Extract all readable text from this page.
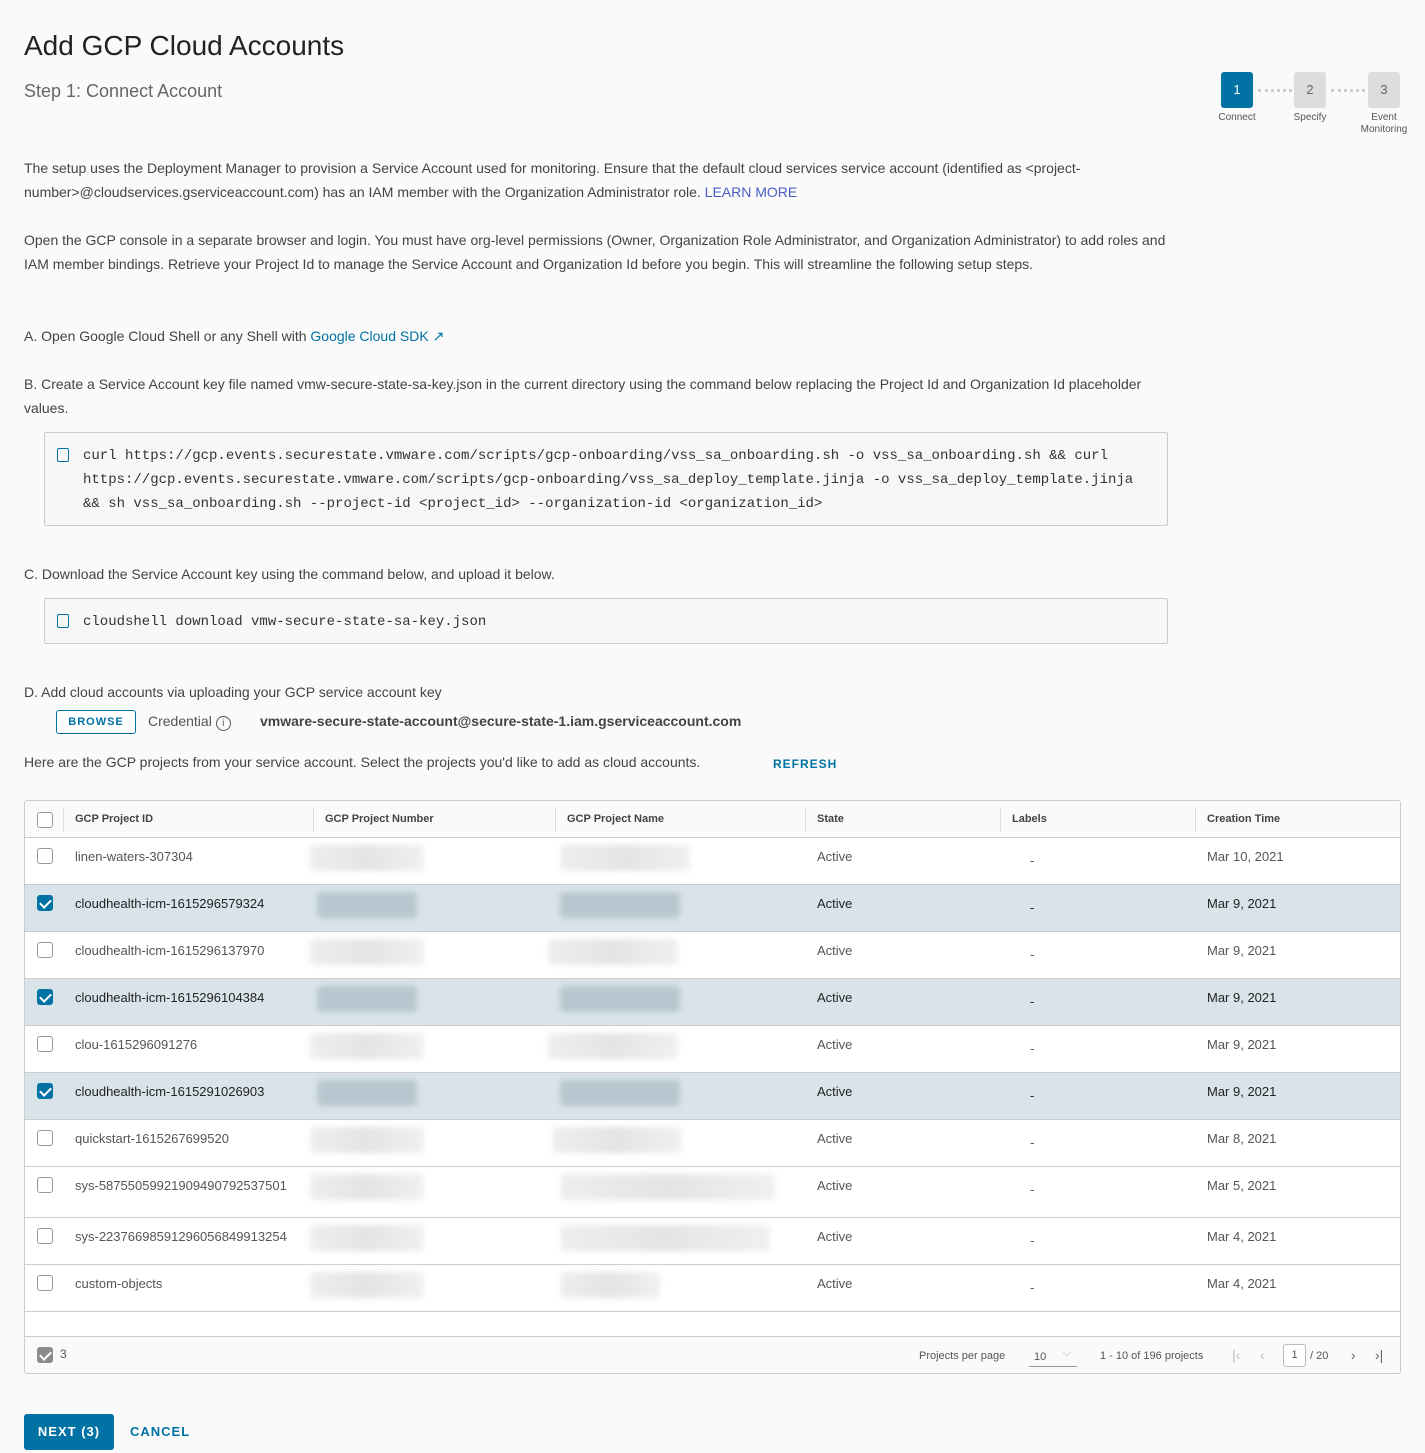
Add GCP Cloud Accounts
Step 1: Connect Account	1	2	3
Connect	Specify	Event Monitoring

The setup uses the Deployment Manager to provision a Service Account used for monitoring. Ensure that the default cloud services service account (identified as <project-number>@cloudservices.gserviceaccount.com) has an IAM member with the Organization Administrator role. LEARN MORE

Open the GCP console in a separate browser and login. You must have org-level permissions (Owner, Organization Role Administrator, and Organization Administrator) to add roles and IAM member bindings. Retrieve your Project Id to manage the Service Account and Organization Id before you begin. This will streamline the following setup steps.

A. Open Google Cloud Shell or any Shell with Google Cloud SDK ↗

B. Create a Service Account key file named vmw-secure-state-sa-key.json in the current directory using the command below replacing the Project Id and Organization Id placeholder values.

curl https://gcp.events.securestate.vmware.com/scripts/gcp-onboarding/vss_sa_onboarding.sh -o vss_sa_onboarding.sh && curl https://gcp.events.securestate.vmware.com/scripts/gcp-onboarding/vss_sa_deploy_template.jinja -o vss_sa_deploy_template.jinja && sh vss_sa_onboarding.sh --project-id <project_id> --organization-id <organization_id>

C. Download the Service Account key using the command below, and upload it below.

cloudshell download vmw-secure-state-sa-key.json

D. Add cloud accounts via uploading your GCP service account key

BROWSE	Credential i	vmware-secure-state-account@secure-state-1.iam.gserviceaccount.com
Here are the GCP projects from your service account. Select the projects you'd like to add as cloud accounts.	REFRESH
GCP Project ID	GCP Project Number	GCP Project Name	State	Labels	Creation Time
linen-waters-307304	Active	-	Mar 10, 2021
cloudhealth-icm-1615296579324	Active	-	Mar 9, 2021
cloudhealth-icm-1615296137970	Active	-	Mar 9, 2021
cloudhealth-icm-1615296104384	Active	-	Mar 9, 2021
clou-1615296091276	Active	-	Mar 9, 2021
cloudhealth-icm-1615291026903	Active	-	Mar 9, 2021
quickstart-1615267699520	Active	-	Mar 8, 2021
sys-58755059921909490792537501	Active	-	Mar 5, 2021
sys-22376698591296056849913254	Active	-	Mar 4, 2021
custom-objects	Active	-	Mar 4, 2021
3	Projects per page	10 ⌵	1 - 10 of 196 projects |‹ ‹	1	/ 20 › ›|
NEXT (3)	CANCEL
